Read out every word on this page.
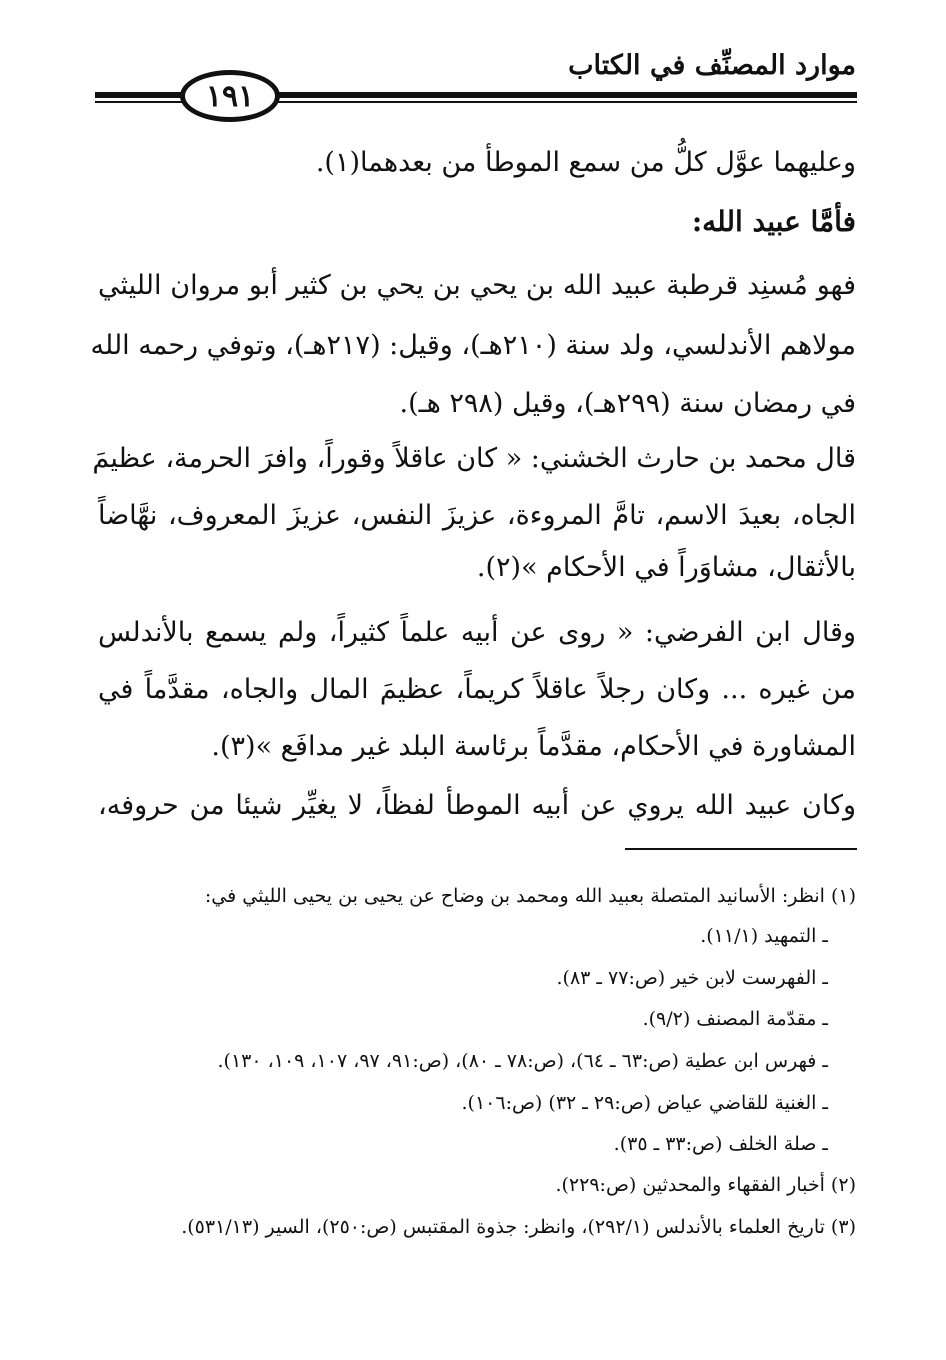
موارد المصنِّف في الكتاب
١٩١
وعليهما عوَّل كلُّ من سمع الموطأ من بعدهما(١).
فأمَّا عبيد الله:
فهو مُسنِد قرطبة عبيد الله بن يحي بن يحي بن كثير أبو مروان الليثي
مولاهم الأندلسي، ولد سنة (٢١٠هـ)، وقيل: (٢١٧هـ)، وتوفي رحمه الله
في رمضان سنة (٢٩٩هـ)، وقيل (٢٩٨ هـ).
قال محمد بن حارث الخشني: « كان عاقلاً وقوراً، وافرَ الحرمة، عظيمَ
الجاه، بعيدَ الاسم، تامَّ المروءة، عزيزَ النفس، عزيزَ المعروف، نهَّاضاً
بالأثقال، مشاوَراً في الأحكام »(٢).
وقال ابن الفرضي: « روى عن أبيه علماً كثيراً، ولم يسمع بالأندلس
من غيره ... وكان رجلاً عاقلاً كريماً، عظيمَ المال والجاه، مقدَّماً في
المشاورة في الأحكام، مقدَّماً برئاسة البلد غير مدافَع »(٣).
وكان عبيد الله يروي عن أبيه الموطأ لفظاً، لا يغيِّر شيئا من حروفه،
(١) انظر: الأسانيد المتصلة بعبيد الله ومحمد بن وضاح عن يحيى بن يحيى الليثي في:
ـ التمهيد (١١/١).
ـ الفهرست لابن خير (ص:٧٧ ـ ٨٣).
ـ مقدّمة المصنف (٩/٢).
ـ فهرس ابن عطية (ص:٦٣ ـ ٦٤)، (ص:٧٨ ـ ٨٠)، (ص:٩١، ٩٧، ١٠٧، ١٠٩، ١٣٠).
ـ الغنية للقاضي عياض (ص:٢٩ ـ ٣٢) (ص:١٠٦).
ـ صلة الخلف (ص:٣٣ ـ ٣٥).
(٢) أخبار الفقهاء والمحدثين (ص:٢٢٩).
(٣) تاريخ العلماء بالأندلس (٢٩٢/١)، وانظر: جذوة المقتبس (ص:٢٥٠)، السير (٥٣١/١٣).
